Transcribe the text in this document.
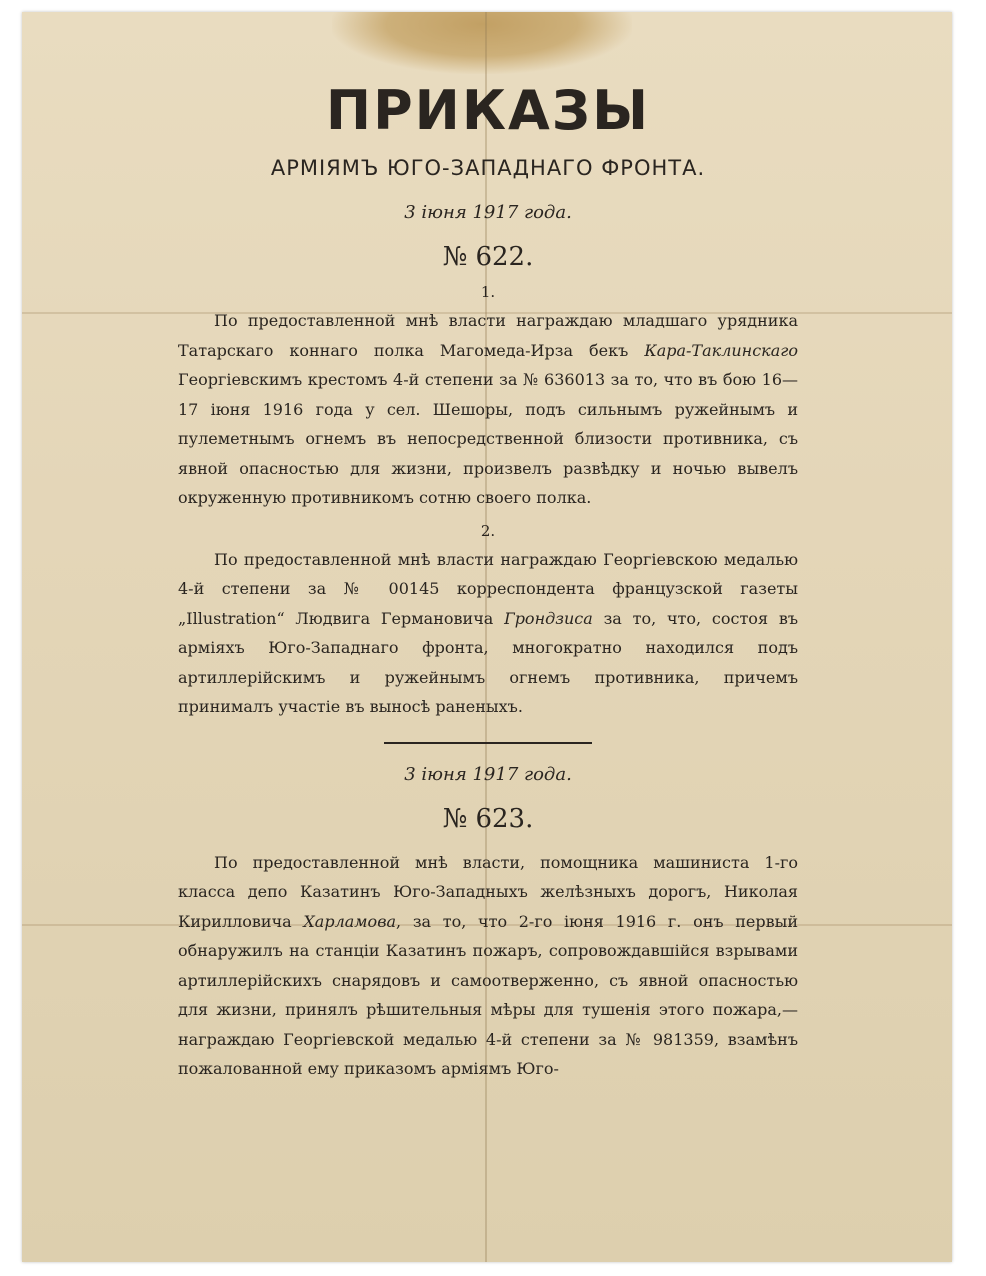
ПРИКАЗЫ
АРМІЯМЪ ЮГО-ЗАПАДНАГО ФРОНТА.
3 іюня 1917 года.
№ 622.
1.

По предоставленной мнѣ власти награждаю младшаго урядника Татарскаго коннаго полка Магомеда-Ирза бекъ Кара-Таклинскаго Георгіевскимъ крестомъ 4-й степени за № 636013 за то, что въ бою 16—17 іюня 1916 года у сел. Шешоры, подъ сильнымъ ружейнымъ и пулеметнымъ огнемъ въ непосредственной близости противника, съ явной опасностью для жизни, произвелъ развѣдку и ночью вывелъ окруженную противникомъ сотню своего полка.

2.

По предоставленной мнѣ власти награждаю Георгіевскою медалью 4-й степени за № 00145 корреспондента французской газеты „Illustration“ Людвига Германовича Грондзиса за то, что, состоя въ арміяхъ Юго-Западнаго фронта, многократно находился подъ артиллерійскимъ и ружейнымъ огнемъ противника, причемъ принималъ участіе въ выносѣ раненыхъ.

3 іюня 1917 года.
№ 623.

По предоставленной мнѣ власти, помощника машиниста 1-го класса депо Казатинъ Юго-Западныхъ желѣзныхъ дорогъ, Николая Кирилловича Харламова, за то, что 2-го іюня 1916 г. онъ первый обнаружилъ на станціи Казатинъ пожаръ, сопровождавшійся взрывами артиллерійскихъ снарядовъ и самоотверженно, съ явной опасностью для жизни, принялъ рѣшительныя мѣры для тушенія этого пожара,—награждаю Георгіевской медалью 4-й степени за № 981359, взамѣнъ пожалованной ему приказомъ арміямъ Юго-
